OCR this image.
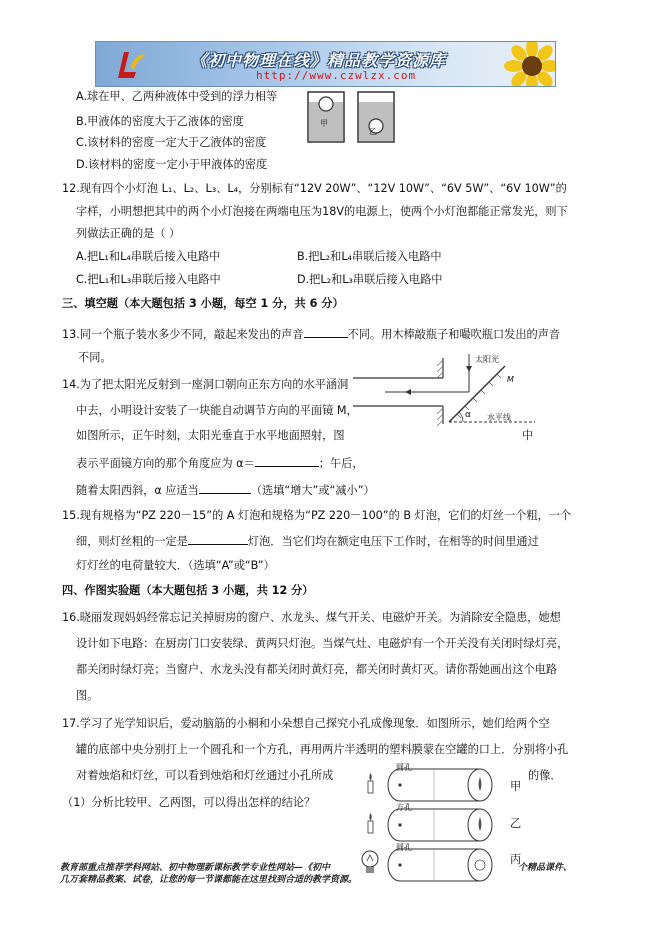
《初中物理在线》精品教学资源库
http://www.czwlzx.com
A.球在甲、乙两种液体中受到的浮力相等
B.甲液体的密度大于乙液体的密度
C.该材料的密度一定大于乙液体的密度
D.该材料的密度一定小于甲液体的密度
甲
乙
12.现有四个小灯泡 L₁、L₂、L₃、L₄，分别标有“12V 20W”、“12V 10W”、“6V 5W”、“6V 10W”的
字样，小明想把其中的两个小灯泡接在两端电压为18V的电源上，使两个小灯泡都能正常发光，则下
列做法正确的是（ ）
A.把L₁和L₄串联后接入电路中	B.把L₂和L₄串联后接入电路中
C.把L₁和L₃串联后接入电路中	D.把L₂和L₃串联后接入电路中
三、填空题（本大题包括 3 小题，每空 1 分，共 6 分）
13.同一个瓶子装水多少不同，敲起来发出的声音	不同。用木棒敲瓶子和嘬吹瓶口发出的声音
不同。
14.为了把太阳光反射到一座洞口朝向正东方向的水平涵洞
中去，小明设计安装了一块能自动调节方向的平面镜 M，
如图所示，正午时刻，太阳光垂直于水平地面照射，图	中
表示平面镜方向的那个角度应为 α＝	；午后，
随着太阳西斜，α 应适当	（选填“增大”或“减小”）
太阳光
M
α 水平线
15.现有规格为“PZ 220－15”的 A 灯泡和规格为“PZ 220－100”的 B 灯泡，它们的灯丝一个粗，一个
细，则灯丝粗的一定是	灯泡．当它们均在额定电压下工作时，在相等的时间里通过
灯灯丝的电荷量较大．（选填“A”或“B”）
四、作图实验题（本大题包括 3 小题，共 12 分）
16.晓丽发现妈妈经常忘记关掉厨房的窗户、水龙头、煤气开关、电磁炉开关。为消除安全隐患，她想
设计如下电路：在厨房门口安装绿、黄两只灯泡。当煤气灶、电磁炉有一个开关没有关闭时绿灯亮，
都关闭时绿灯亮；当窗户、水龙头没有都关闭时黄灯亮，都关闭时黄灯灭。请你帮她画出这个电路
图。
17.学习了光学知识后，爱动脑筋的小桐和小朵想自己探究小孔成像现象．如图所示，她们给两个空
罐的底部中央分别打上一个圆孔和一个方孔，再用两片半透明的塑料膜蒙在空罐的口上．分别将小孔
对着烛焰和灯丝，可以看到烛焰和灯丝通过小孔所成	的像．
（1）分析比较甲、乙两图，可以得出怎样的结论？
圆孔
方孔
圆孔
甲
乙
丙
教育部重点推荐学科网站、初中物理新课标教学专业性网站—《初中	个精品课件、
几万套精品教案、试卷，让您的每一节课都能在这里找到合适的教学资源。
